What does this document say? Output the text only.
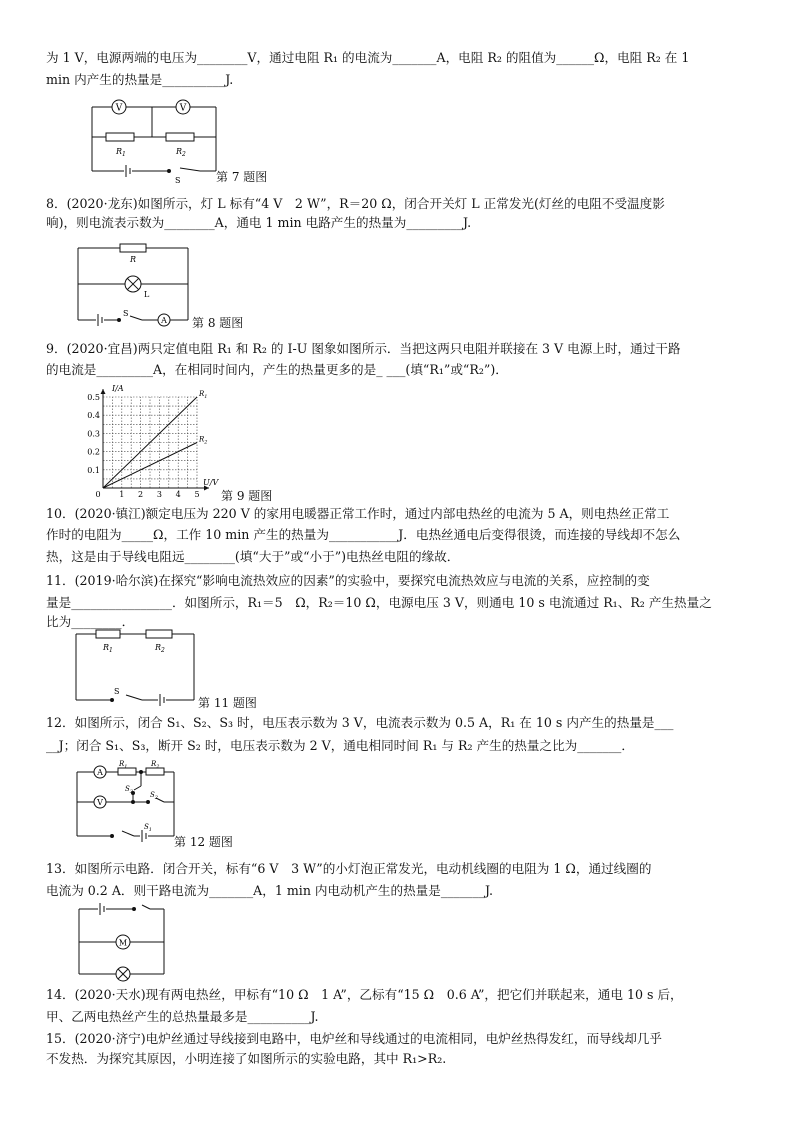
为 1 V，电源两端的电压为________V，通过电阻 R₁ 的电流为_______A，电阻 R₂ 的阻值为______Ω，电阻 R₂ 在 1
min 内产生的热量是__________J.
8．(2020·龙东)如图所示，灯 L 标有“4 V　2 W”，R＝20 Ω，闭合开关灯 L 正常发光(灯丝的电阻不受温度影
响)，则电流表示数为________A，通电 1 min 电路产生的热量为_________J.
9．(2020·宜昌)两只定值电阻 R₁ 和 R₂ 的 I-U 图象如图所示．当把这两只电阻并联接在 3 V 电源上时，通过干路
的电流是_________A，在相同时间内，产生的热量更多的是_ ___(填“R₁”或“R₂”)．
10．(2020·镇江)额定电压为 220 V 的家用电暖器正常工作时，通过内部电热丝的电流为 5 A，则电热丝正常工
作时的电阻为_____Ω，工作 10 min 产生的热量为___________J．电热丝通电后变得很烫，而连接的导线却不怎么
热，这是由于导线电阻远________(填“大于”或“小于”)电热丝电阻的缘故．
11．(2019·哈尔滨)在探究“影响电流热效应的因素”的实验中，要探究电流热效应与电流的关系，应控制的变
量是________________．如图所示，R₁＝5　Ω，R₂＝10 Ω，电源电压 3 V，则通电 10 s 电流通过 R₁、R₂ 产生热量之
比为________．
12．如图所示，闭合 S₁、S₂、S₃ 时，电压表示数为 3 V，电流表示数为 0.5 A，R₁ 在 10 s 内产生的热量是___
__J；闭合 S₁、S₃，断开 S₂ 时，电压表示数为 2 V，通电相同时间 R₁ 与 R₂ 产生的热量之比为_______．
13．如图所示电路．闭合开关，标有“6 V　3 W”的小灯泡正常发光，电动机线圈的电阻为 1 Ω，通过线圈的
电流为 0.2 A．则干路电流为_______A，1 min 内电动机产生的热量是_______J.
14．(2020·天水)现有两电热丝，甲标有“10 Ω　1 A”，乙标有“15 Ω　0.6 A”，把它们并联起来，通电 10 s 后，
甲、乙两电热丝产生的总热量最多是__________J.
15．(2020·济宁)电炉丝通过导线接到电路中，电炉丝和导线通过的电流相同，电炉丝热得发红，而导线却几乎
不发热．为探究其原因，小明连接了如图所示的实验电路，其中 R₁>R₂.
V	V
$R_1$	$R_2$
S	第 7 题图
A
R
L
S
第 8 题图
$R_1$
$R_2$
1 2 3 4 5
0.1
0.2
0.3
0.4
0.5
I/A
U/V
0	第 9 题图
$R_1$	$R_2$
S
第 11 题图
A
V
$R_1$	$R_2$
$S_3$ $S_2$
$S_1$
第 12 题图
M
